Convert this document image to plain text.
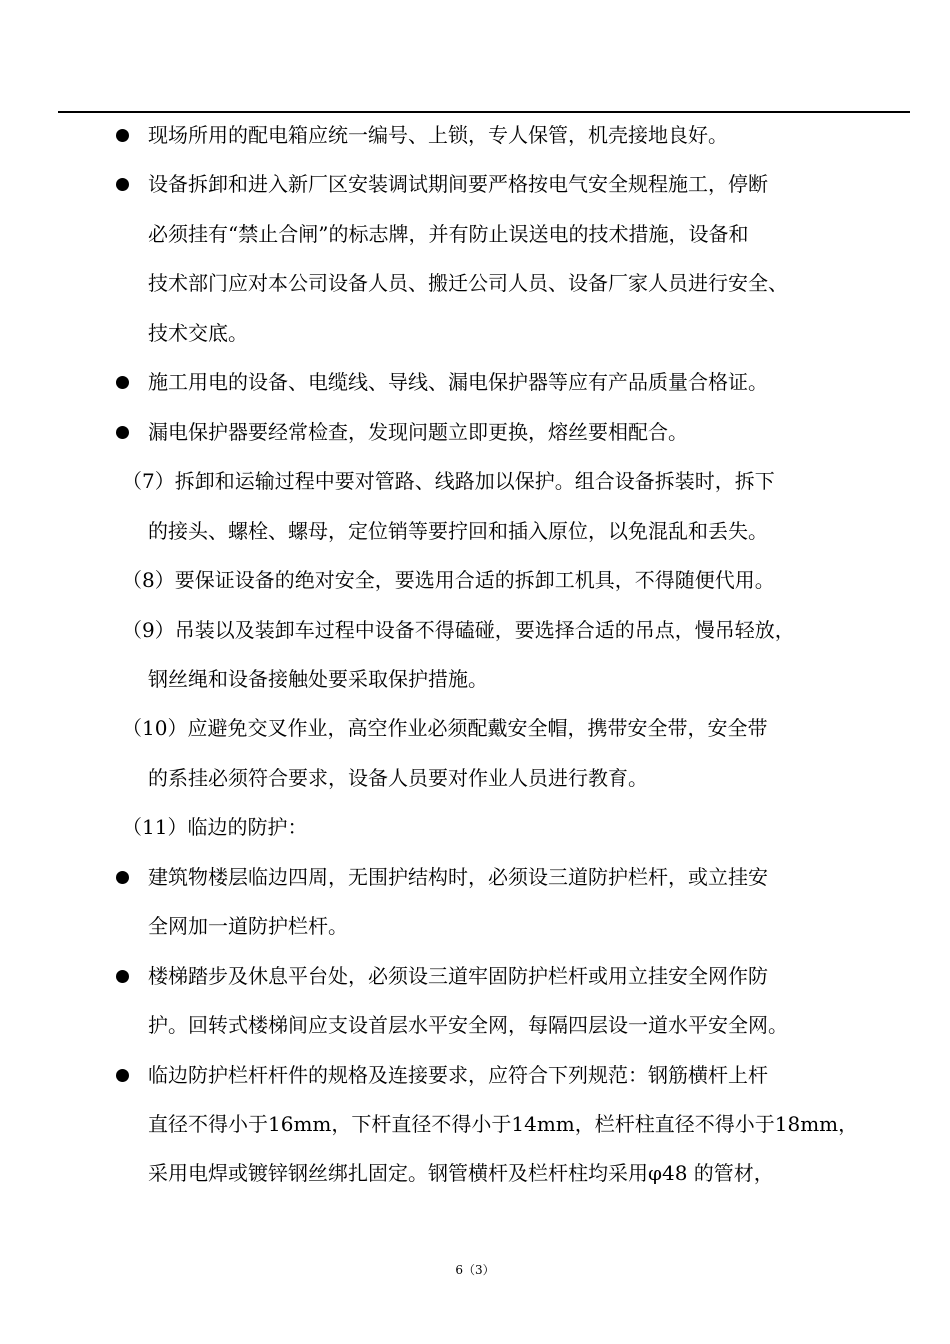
现场所用的配电箱应统一编号、上锁，专人保管，机壳接地良好。
设备拆卸和进入新厂区安装调试期间要严格按电气安全规程施工，停断
必须挂有“禁止合闸”的标志牌，并有防止误送电的技术措施，设备和
技术部门应对本公司设备人员、搬迁公司人员、设备厂家人员进行安全、
技术交底。
施工用电的设备、电缆线、导线、漏电保护器等应有产品质量合格证。
漏电保护器要经常检查，发现问题立即更换，熔丝要相配合。
（7）拆卸和运输过程中要对管路、线路加以保护。组合设备拆装时，拆下
的接头、螺栓、螺母，定位销等要拧回和插入原位，以免混乱和丢失。
（8）要保证设备的绝对安全，要选用合适的拆卸工机具，不得随便代用。
（9）吊装以及装卸车过程中设备不得磕碰，要选择合适的吊点，慢吊轻放，
钢丝绳和设备接触处要采取保护措施。
（10）应避免交叉作业，高空作业必须配戴安全帽，携带安全带，安全带
的系挂必须符合要求，设备人员要对作业人员进行教育。
（11）临边的防护：
建筑物楼层临边四周，无围护结构时，必须设三道防护栏杆，或立挂安
全网加一道防护栏杆。
楼梯踏步及休息平台处，必须设三道牢固防护栏杆或用立挂安全网作防
护。回转式楼梯间应支设首层水平安全网，每隔四层设一道水平安全网。
临边防护栏杆杆件的规格及连接要求，应符合下列规范：钢筋横杆上杆
直径不得小于16mm，下杆直径不得小于14mm，栏杆柱直径不得小于18mm，
采用电焊或镀锌钢丝绑扎固定。钢管横杆及栏杆柱均采用φ48 的管材，
6（3）
